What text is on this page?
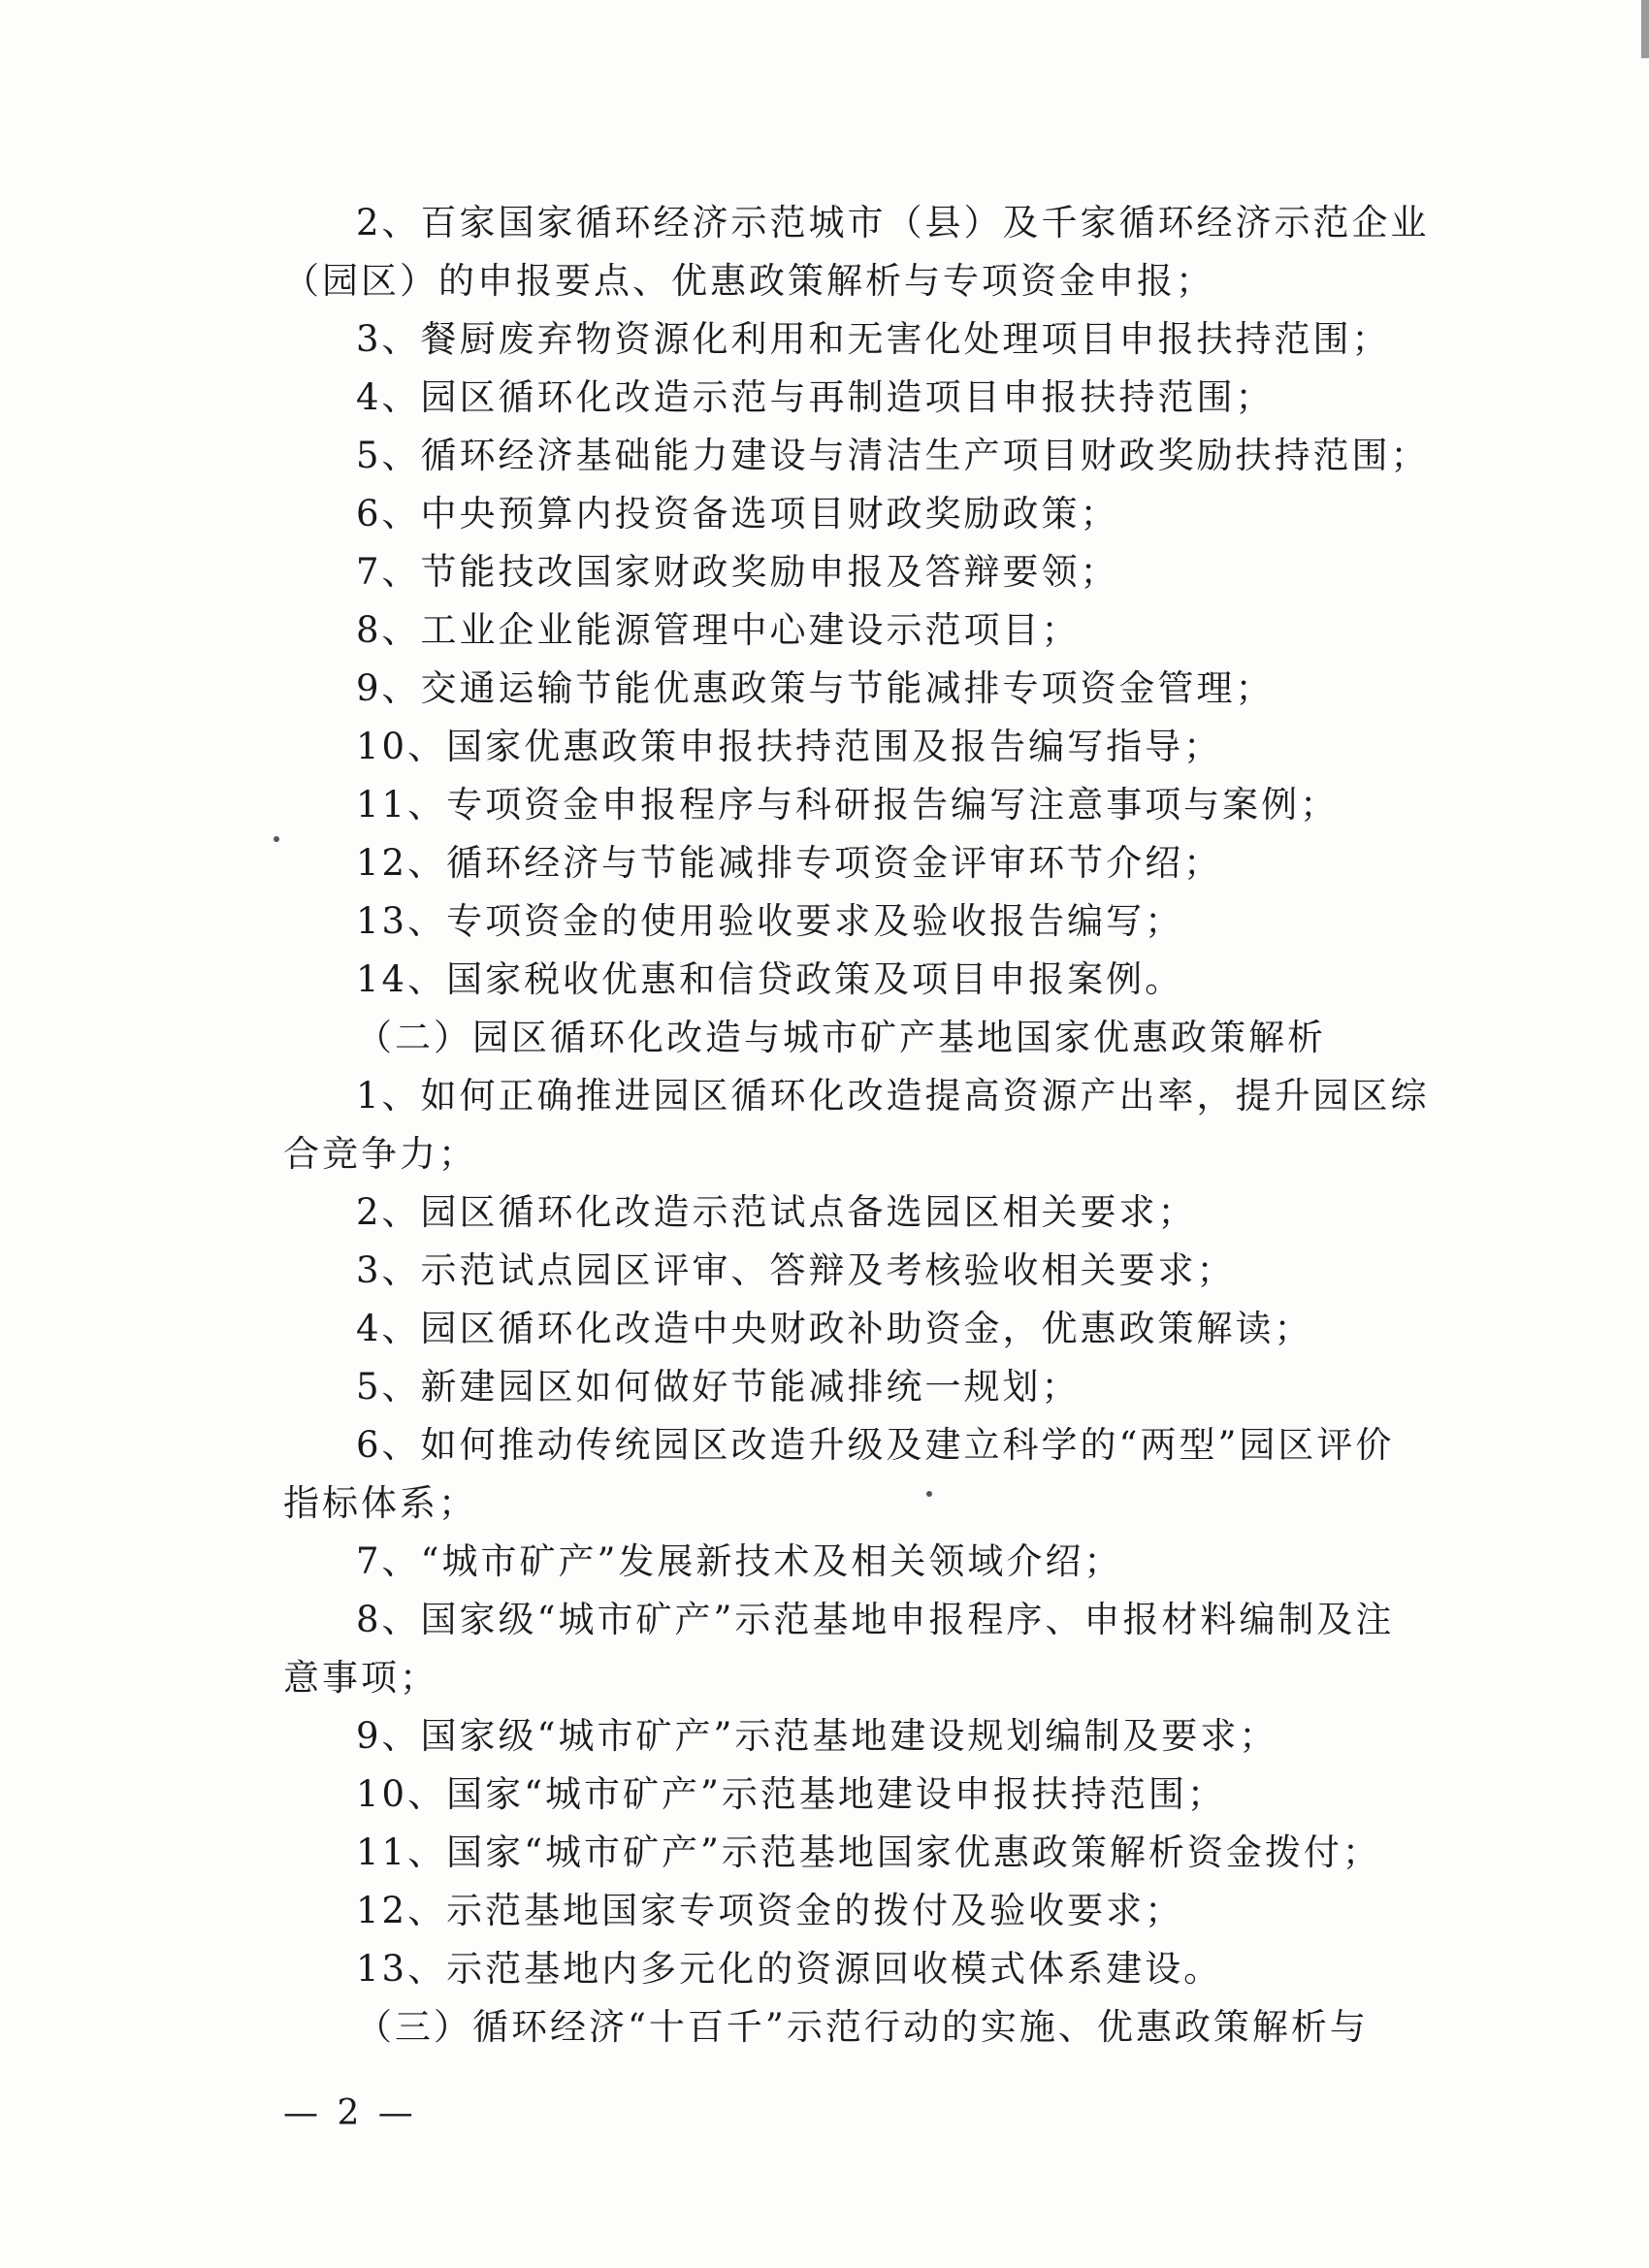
2、百家国家循环经济示范城市（县）及千家循环经济示范企业
（园区）的申报要点、优惠政策解析与专项资金申报；
3、餐厨废弃物资源化利用和无害化处理项目申报扶持范围；
4、园区循环化改造示范与再制造项目申报扶持范围；
5、循环经济基础能力建设与清洁生产项目财政奖励扶持范围；
6、中央预算内投资备选项目财政奖励政策；
7、节能技改国家财政奖励申报及答辩要领；
8、工业企业能源管理中心建设示范项目；
9、交通运输节能优惠政策与节能减排专项资金管理；
10、国家优惠政策申报扶持范围及报告编写指导；
11、专项资金申报程序与科研报告编写注意事项与案例；
12、循环经济与节能减排专项资金评审环节介绍；
13、专项资金的使用验收要求及验收报告编写；
14、国家税收优惠和信贷政策及项目申报案例。
（二）园区循环化改造与城市矿产基地国家优惠政策解析
1、如何正确推进园区循环化改造提高资源产出率，提升园区综
合竞争力；
2、园区循环化改造示范试点备选园区相关要求；
3、示范试点园区评审、答辩及考核验收相关要求；
4、园区循环化改造中央财政补助资金，优惠政策解读；
5、新建园区如何做好节能减排统一规划；
6、如何推动传统园区改造升级及建立科学的“两型”园区评价
指标体系；
7、“城市矿产”发展新技术及相关领域介绍；
8、国家级“城市矿产”示范基地申报程序、申报材料编制及注
意事项；
9、国家级“城市矿产”示范基地建设规划编制及要求；
10、国家“城市矿产”示范基地建设申报扶持范围；
11、国家“城市矿产”示范基地国家优惠政策解析资金拨付；
12、示范基地国家专项资金的拨付及验收要求；
13、示范基地内多元化的资源回收模式体系建设。
（三）循环经济“十百千”示范行动的实施、优惠政策解析与
— 2 —
